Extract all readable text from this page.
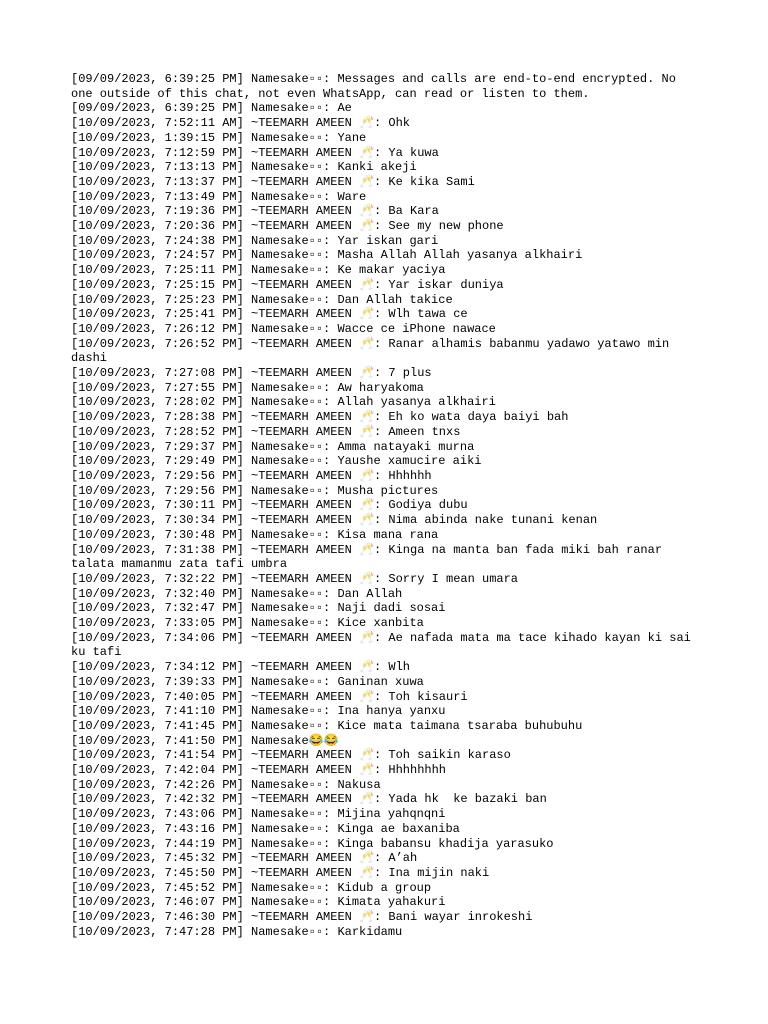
[09/09/2023, 6:39:25 PM] Namesake▫▫: Messages and calls are end-to-end encrypted. No one outside of this chat, not even WhatsApp, can read or listen to them.
[09/09/2023, 6:39:25 PM] Namesake▫▫: Ae
[10/09/2023, 7:52:11 AM] ~TEEMARH AMEEN 🥂: Ohk
[10/09/2023, 1:39:15 PM] Namesake▫▫: Yane
[10/09/2023, 7:12:59 PM] ~TEEMARH AMEEN 🥂: Ya kuwa
[10/09/2023, 7:13:13 PM] Namesake▫▫: Kanki akeji
[10/09/2023, 7:13:37 PM] ~TEEMARH AMEEN 🥂: Ke kika Sami
[10/09/2023, 7:13:49 PM] Namesake▫▫: Ware
[10/09/2023, 7:19:36 PM] ~TEEMARH AMEEN 🥂: Ba Kara
[10/09/2023, 7:20:36 PM] ~TEEMARH AMEEN 🥂: See my new phone
[10/09/2023, 7:24:38 PM] Namesake▫▫: Yar iskan gari
[10/09/2023, 7:24:57 PM] Namesake▫▫: Masha Allah Allah yasanya alkhairi
[10/09/2023, 7:25:11 PM] Namesake▫▫: Ke makar yaciya
[10/09/2023, 7:25:15 PM] ~TEEMARH AMEEN 🥂: Yar iskar duniya
[10/09/2023, 7:25:23 PM] Namesake▫▫: Dan Allah takice
[10/09/2023, 7:25:41 PM] ~TEEMARH AMEEN 🥂: Wlh tawa ce
[10/09/2023, 7:26:12 PM] Namesake▫▫: Wacce ce iPhone nawace
[10/09/2023, 7:26:52 PM] ~TEEMARH AMEEN 🥂: Ranar alhamis babanmu yadawo yatawo min dashi
[10/09/2023, 7:27:08 PM] ~TEEMARH AMEEN 🥂: 7 plus
[10/09/2023, 7:27:55 PM] Namesake▫▫: Aw haryakoma
[10/09/2023, 7:28:02 PM] Namesake▫▫: Allah yasanya alkhairi
[10/09/2023, 7:28:38 PM] ~TEEMARH AMEEN 🥂: Eh ko wata daya baiyi bah
[10/09/2023, 7:28:52 PM] ~TEEMARH AMEEN 🥂: Ameen tnxs
[10/09/2023, 7:29:37 PM] Namesake▫▫: Amma natayaki murna
[10/09/2023, 7:29:49 PM] Namesake▫▫: Yaushe xamucire aiki
[10/09/2023, 7:29:56 PM] ~TEEMARH AMEEN 🥂: Hhhhhh
[10/09/2023, 7:29:56 PM] Namesake▫▫: Musha pictures
[10/09/2023, 7:30:11 PM] ~TEEMARH AMEEN 🥂: Godiya dubu
[10/09/2023, 7:30:34 PM] ~TEEMARH AMEEN 🥂: Nima abinda nake tunani kenan
[10/09/2023, 7:30:48 PM] Namesake▫▫: Kisa mana rana
[10/09/2023, 7:31:38 PM] ~TEEMARH AMEEN 🥂: Kinga na manta ban fada miki bah ranar talata mamanmu zata tafi umbra
[10/09/2023, 7:32:22 PM] ~TEEMARH AMEEN 🥂: Sorry I mean umara
[10/09/2023, 7:32:40 PM] Namesake▫▫: Dan Allah
[10/09/2023, 7:32:47 PM] Namesake▫▫: Naji dadi sosai
[10/09/2023, 7:33:05 PM] Namesake▫▫: Kice xanbita
[10/09/2023, 7:34:06 PM] ~TEEMARH AMEEN 🥂: Ae nafada mata ma tace kihado kayan ki sai ku tafi
[10/09/2023, 7:34:12 PM] ~TEEMARH AMEEN 🥂: Wlh
[10/09/2023, 7:39:33 PM] Namesake▫▫: Ganinan xuwa
[10/09/2023, 7:40:05 PM] ~TEEMARH AMEEN 🥂: Toh kisauri
[10/09/2023, 7:41:10 PM] Namesake▫▫: Ina hanya yanxu
[10/09/2023, 7:41:45 PM] Namesake▫▫: Kice mata taimana tsaraba buhubuhu
[10/09/2023, 7:41:50 PM] Namesake😂😂
[10/09/2023, 7:41:54 PM] ~TEEMARH AMEEN 🥂: Toh saikin karaso
[10/09/2023, 7:42:04 PM] ~TEEMARH AMEEN 🥂: Hhhhhhhh
[10/09/2023, 7:42:26 PM] Namesake▫▫: Nakusa
[10/09/2023, 7:42:32 PM] ~TEEMARH AMEEN 🥂: Yada hk  ke bazaki ban
[10/09/2023, 7:43:06 PM] Namesake▫▫: Mijina yahqnqni
[10/09/2023, 7:43:16 PM] Namesake▫▫: Kinga ae baxaniba
[10/09/2023, 7:44:19 PM] Namesake▫▫: Kinga babansu khadija yarasuko
[10/09/2023, 7:45:32 PM] ~TEEMARH AMEEN 🥂: A’ah
[10/09/2023, 7:45:50 PM] ~TEEMARH AMEEN 🥂: Ina mijin naki
[10/09/2023, 7:45:52 PM] Namesake▫▫: Kidub a group
[10/09/2023, 7:46:07 PM] Namesake▫▫: Kimata yahakuri
[10/09/2023, 7:46:30 PM] ~TEEMARH AMEEN 🥂: Bani wayar inrokeshi
[10/09/2023, 7:47:28 PM] Namesake▫▫: Karkidamu
